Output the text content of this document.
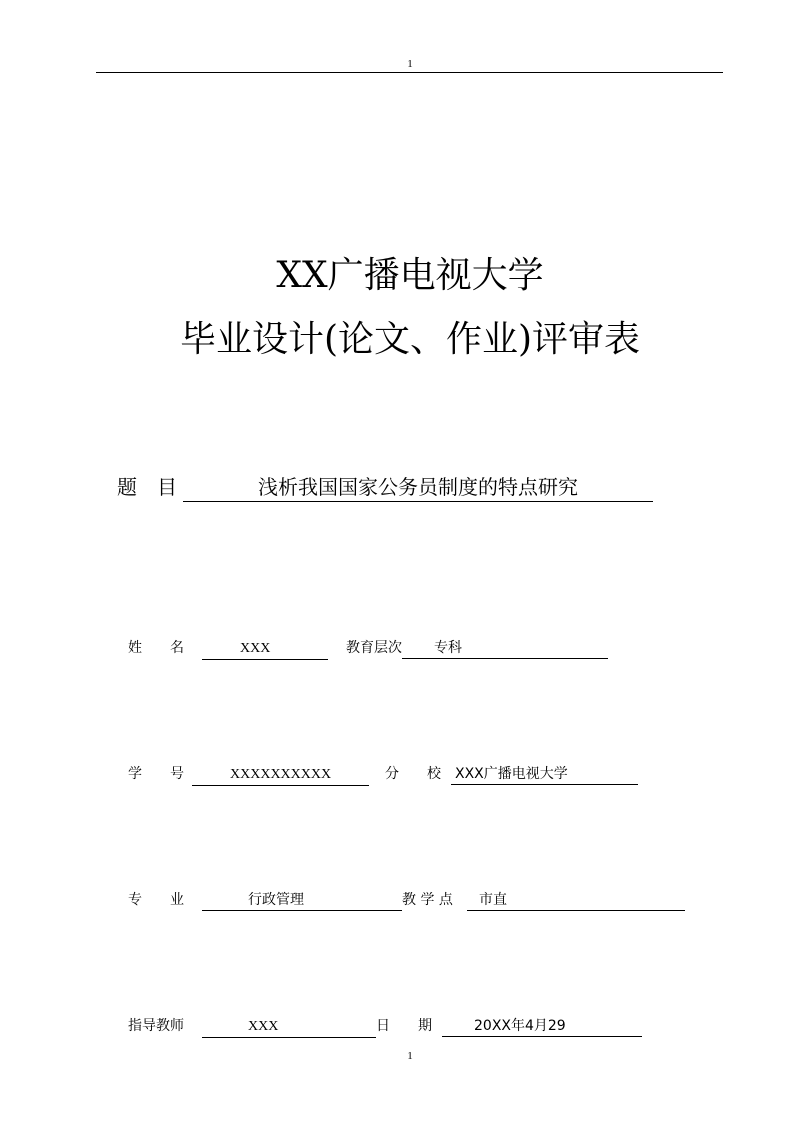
1
XX广播电视大学
毕业设计(论文、作业)评审表
题　目	浅析我国国家公务员制度的特点研究
姓　　名	XXX	教育层次 专科
学　　号	XXXXXXXXXX	分　　校 XXX广播电视大学
专　　业	行政管理	教 学 点 市直
指导教师	XXX	日　　期	20XX年4月29
1
